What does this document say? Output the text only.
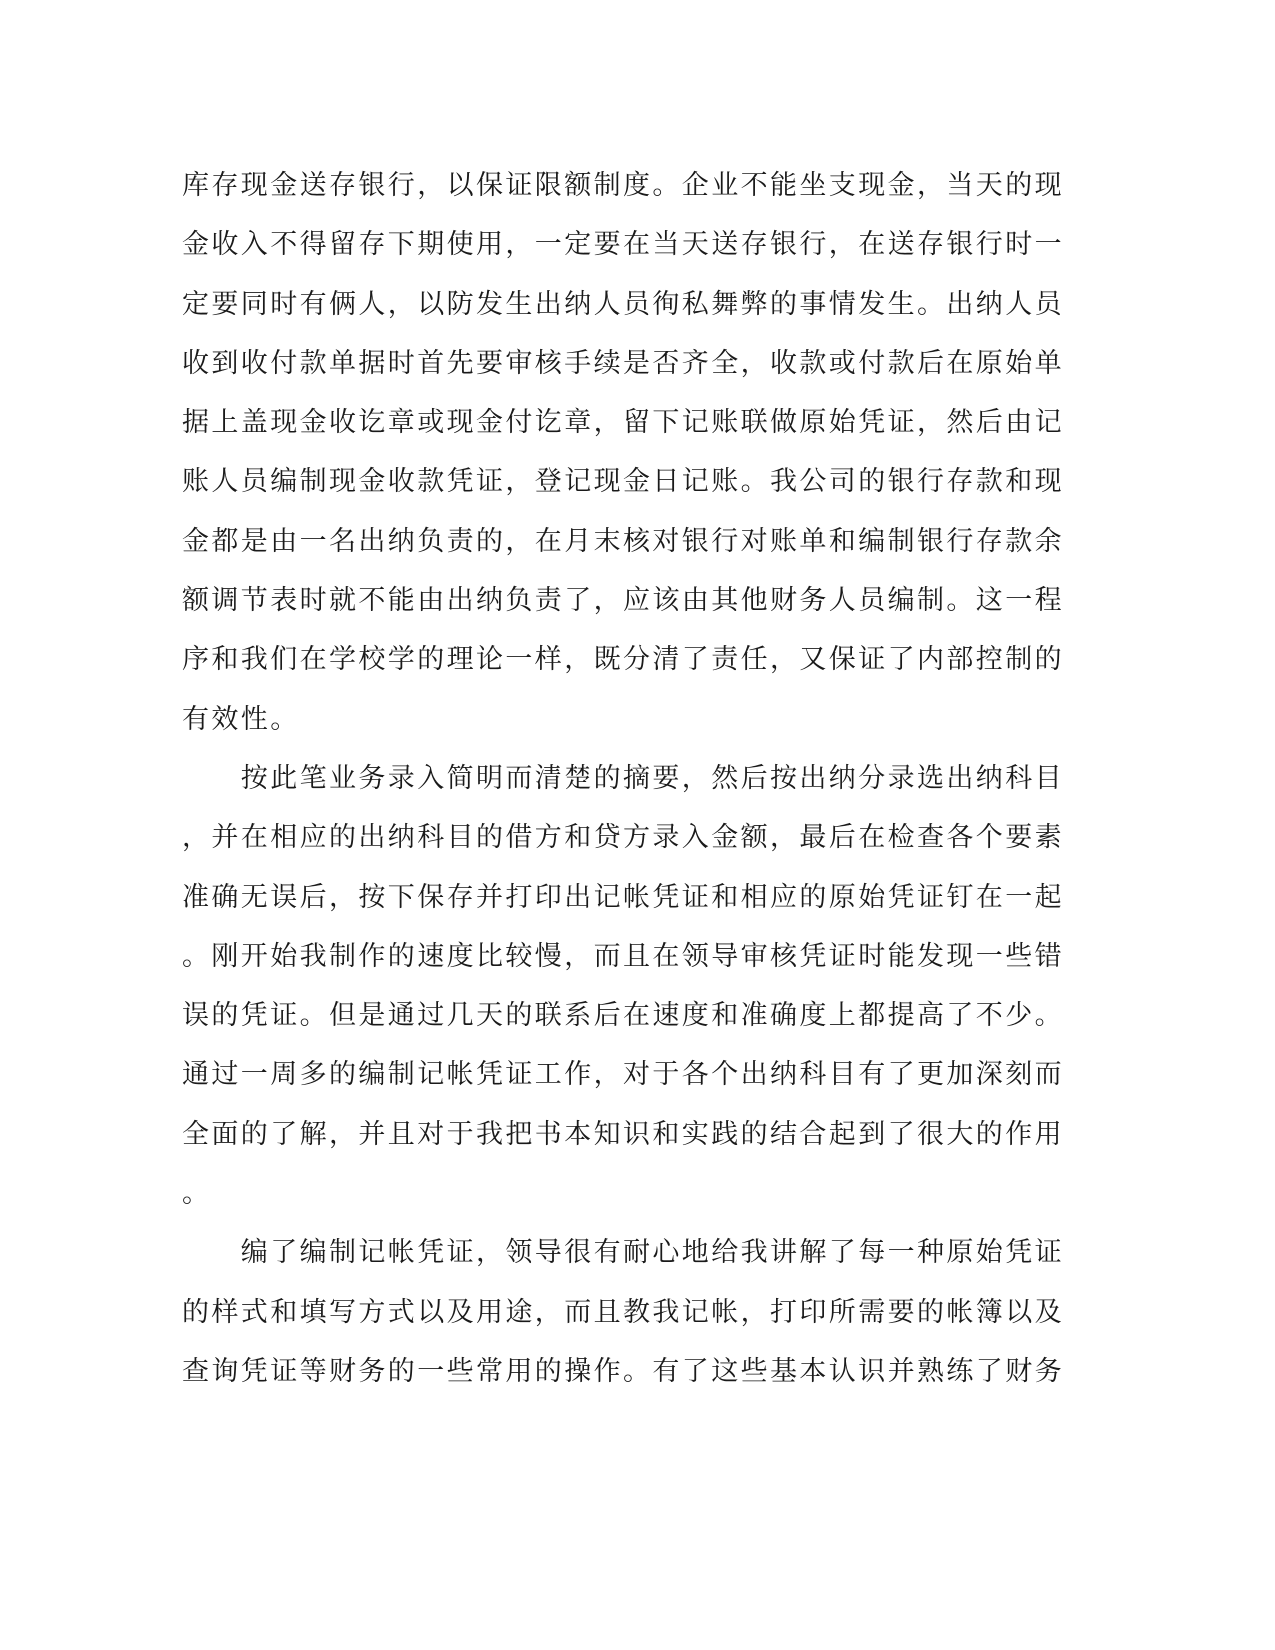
库存现金送存银行，以保证限额制度。企业不能坐支现金，当天的现
金收入不得留存下期使用，一定要在当天送存银行，在送存银行时一
定要同时有俩人，以防发生出纳人员徇私舞弊的事情发生。出纳人员
收到收付款单据时首先要审核手续是否齐全，收款或付款后在原始单
据上盖现金收讫章或现金付讫章，留下记账联做原始凭证，然后由记
账人员编制现金收款凭证，登记现金日记账。我公司的银行存款和现
金都是由一名出纳负责的，在月末核对银行对账单和编制银行存款余
额调节表时就不能由出纳负责了，应该由其他财务人员编制。这一程
序和我们在学校学的理论一样，既分清了责任，又保证了内部控制的
有效性。
　　按此笔业务录入简明而清楚的摘要，然后按出纳分录选出纳科目
，并在相应的出纳科目的借方和贷方录入金额，最后在检查各个要素
准确无误后，按下保存并打印出记帐凭证和相应的原始凭证钉在一起
。刚开始我制作的速度比较慢，而且在领导审核凭证时能发现一些错
误的凭证。但是通过几天的联系后在速度和准确度上都提高了不少。
通过一周多的编制记帐凭证工作，对于各个出纳科目有了更加深刻而
全面的了解，并且对于我把书本知识和实践的结合起到了很大的作用
。
　　编了编制记帐凭证，领导很有耐心地给我讲解了每一种原始凭证
的样式和填写方式以及用途，而且教我记帐，打印所需要的帐簿以及
查询凭证等财务的一些常用的操作。有了这些基本认识并熟练了财务
